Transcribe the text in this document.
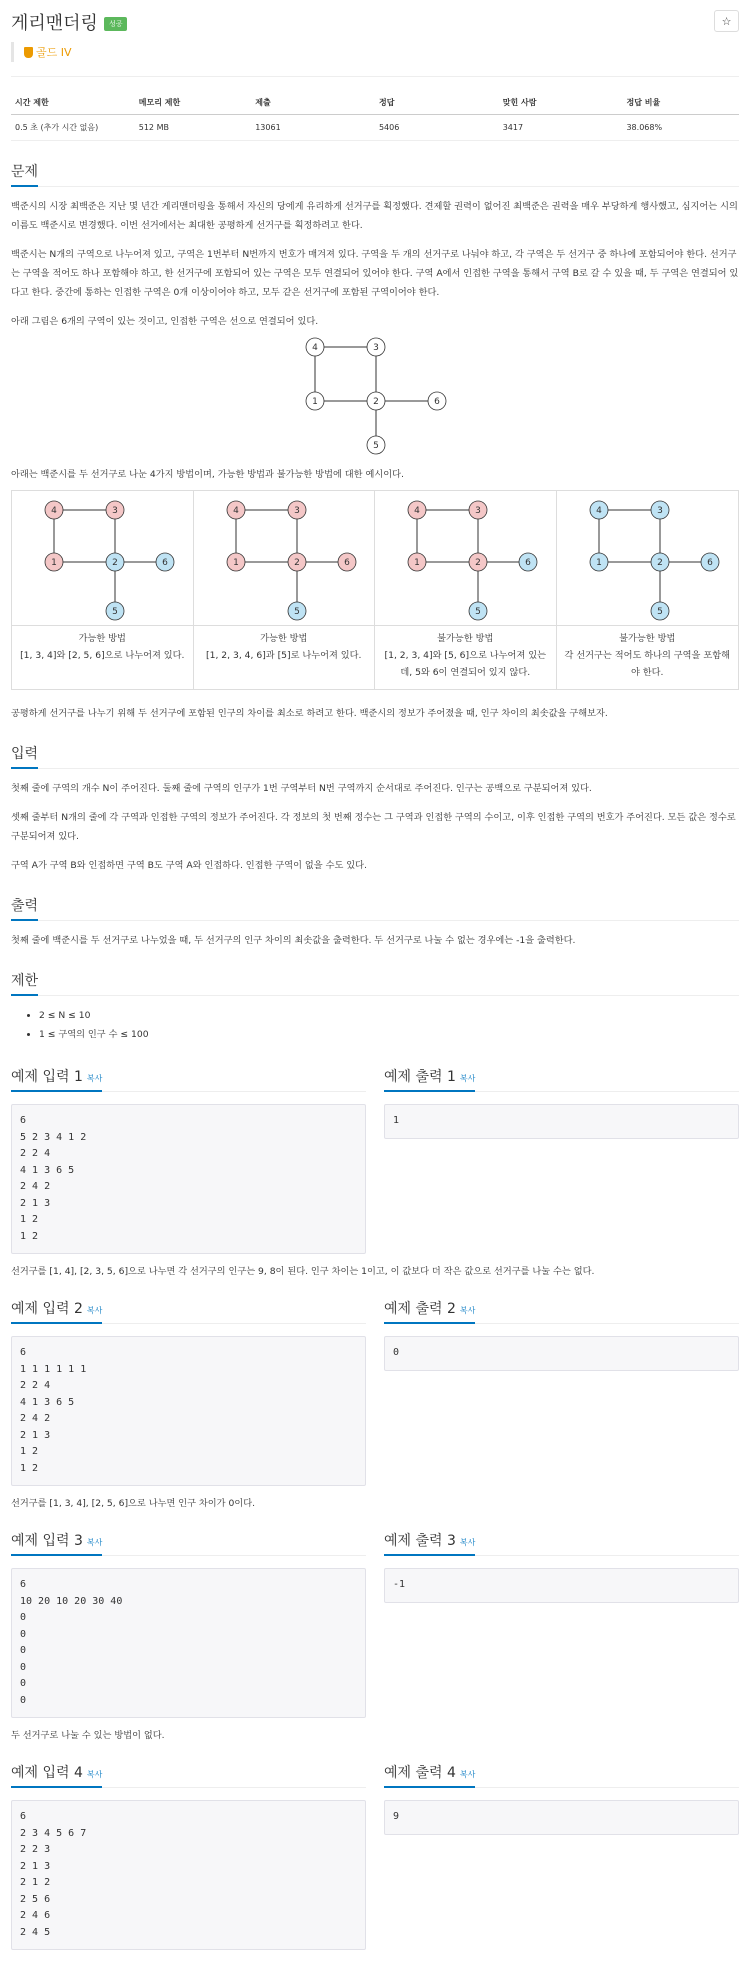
게리맨더링	성공	☆
골드 IV
시간 제한	메모리 제한	제출	정답	맞힌 사람	정답 비율
0.5 초 (추가 시간 없음)	512 MB	13061	5406	3417	38.068%
문제

백준시의 시장 최백준은 지난 몇 년간 게리맨더링을 통해서 자신의 당에게 유리하게 선거구를 획정했다. 견제할 권력이 없어진 최백준은 권력을 매우 부당하게 행사했고, 심지어는 시의 이름도 백준시로 변경했다. 이번 선거에서는 최대한 공평하게 선거구를 획정하려고 한다.

백준시는 N개의 구역으로 나누어져 있고, 구역은 1번부터 N번까지 번호가 매겨져 있다. 구역을 두 개의 선거구로 나눠야 하고, 각 구역은 두 선거구 중 하나에 포함되어야 한다. 선거구는 구역을 적어도 하나 포함해야 하고, 한 선거구에 포함되어 있는 구역은 모두 연결되어 있어야 한다. 구역 A에서 인접한 구역을 통해서 구역 B로 갈 수 있을 때, 두 구역은 연결되어 있다고 한다. 중간에 통하는 인접한 구역은 0개 이상이어야 하고, 모두 같은 선거구에 포함된 구역이어야 한다.

아래 그림은 6개의 구역이 있는 것이고, 인접한 구역은 선으로 연결되어 있다.

1	2
3
4
5
6

아래는 백준시를 두 선거구로 나눈 4가지 방법이며, 가능한 방법과 불가능한 방법에 대한 예시이다.

1	2
3
4
5
6
가능한 방법
[1, 3, 4]와 [2, 5, 6]으로 나누어져 있다.
1	2
3
4
5
6
가능한 방법
[1, 2, 3, 4, 6]과 [5]로 나누어져 있다.
1	2
3
4
5
6
불가능한 방법
[1, 2, 3, 4]와 [5, 6]으로 나누어져 있는데, 5와 6이 연결되어 있지 않다.
1	2
3
4
5
6
불가능한 방법
각 선거구는 적어도 하나의 구역을 포함해야 한다.

공평하게 선거구를 나누기 위해 두 선거구에 포함된 인구의 차이를 최소로 하려고 한다. 백준시의 정보가 주어졌을 때, 인구 차이의 최솟값을 구해보자.

입력

첫째 줄에 구역의 개수 N이 주어진다. 둘째 줄에 구역의 인구가 1번 구역부터 N번 구역까지 순서대로 주어진다. 인구는 공백으로 구분되어져 있다.

셋째 줄부터 N개의 줄에 각 구역과 인접한 구역의 정보가 주어진다. 각 정보의 첫 번째 정수는 그 구역과 인접한 구역의 수이고, 이후 인접한 구역의 번호가 주어진다. 모든 값은 정수로 구분되어져 있다.

구역 A가 구역 B와 인접하면 구역 B도 구역 A와 인접하다. 인접한 구역이 없을 수도 있다.

출력

첫째 줄에 백준시를 두 선거구로 나누었을 때, 두 선거구의 인구 차이의 최솟값을 출력한다. 두 선거구로 나눌 수 없는 경우에는 -1을 출력한다.

제한
• 2 ≤ N ≤ 10
• 1 ≤ 구역의 인구 수 ≤ 100
예제 입력 1 복사
6
5 2 3 4 1 2
2 2 4
4 1 3 6 5
2 4 2
2 1 3
1 2
1 2
예제 출력 1 복사
1
선거구를 [1, 4], [2, 3, 5, 6]으로 나누면 각 선거구의 인구는 9, 8이 된다. 인구 차이는 1이고, 이 값보다 더 작은 값으로 선거구를 나눌 수는 없다.
예제 입력 2 복사
6
1 1 1 1 1 1
2 2 4
4 1 3 6 5
2 4 2
2 1 3
1 2
1 2
예제 출력 2 복사
0
선거구를 [1, 3, 4], [2, 5, 6]으로 나누면 인구 차이가 0이다.
예제 입력 3 복사
6
10 20 10 20 30 40
0
0
0
0
0
0
예제 출력 3 복사
-1
두 선거구로 나눌 수 있는 방법이 없다.
예제 입력 4 복사
6
2 3 4 5 6 7
2 2 3
2 1 3
2 1 2
2 5 6
2 4 6
2 4 5
예제 출력 4 복사
9
